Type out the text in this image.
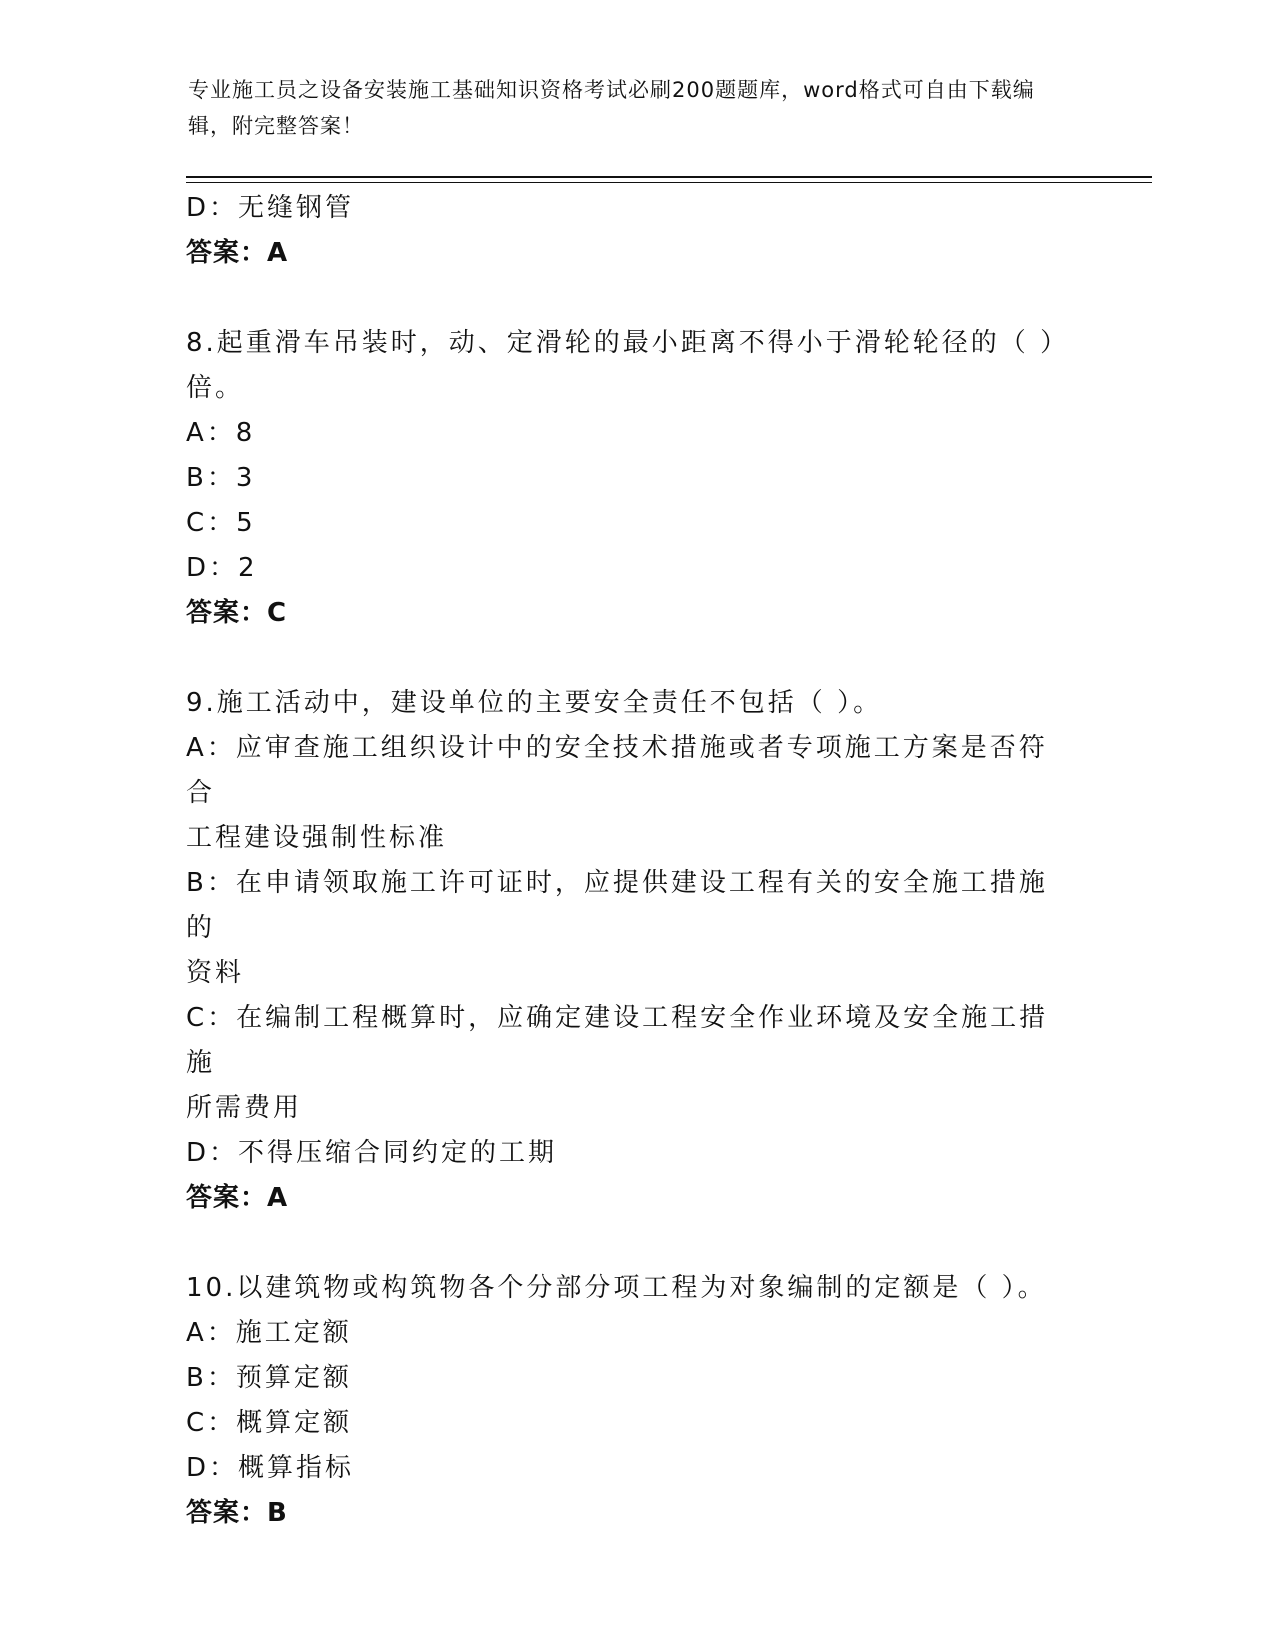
专业施工员之设备安装施工基础知识资格考试必刷200题题库，word格式可自由下载编辑，附完整答案！

D：无缝钢管

答案：A

8.起重滑车吊装时，动、定滑轮的最小距离不得小于滑轮轮径的（ ）

倍。

A：8

B：3

C：5

D：2

答案：C

9.施工活动中，建设单位的主要安全责任不包括（ ）。

A：应审查施工组织设计中的安全技术措施或者专项施工方案是否符合

工程建设强制性标准

B：在申请领取施工许可证时，应提供建设工程有关的安全施工措施的

资料

C：在编制工程概算时，应确定建设工程安全作业环境及安全施工措施

所需费用

D：不得压缩合同约定的工期

答案：A

10.以建筑物或构筑物各个分部分项工程为对象编制的定额是（ ）。

A：施工定额

B：预算定额

C：概算定额

D：概算指标

答案：B
